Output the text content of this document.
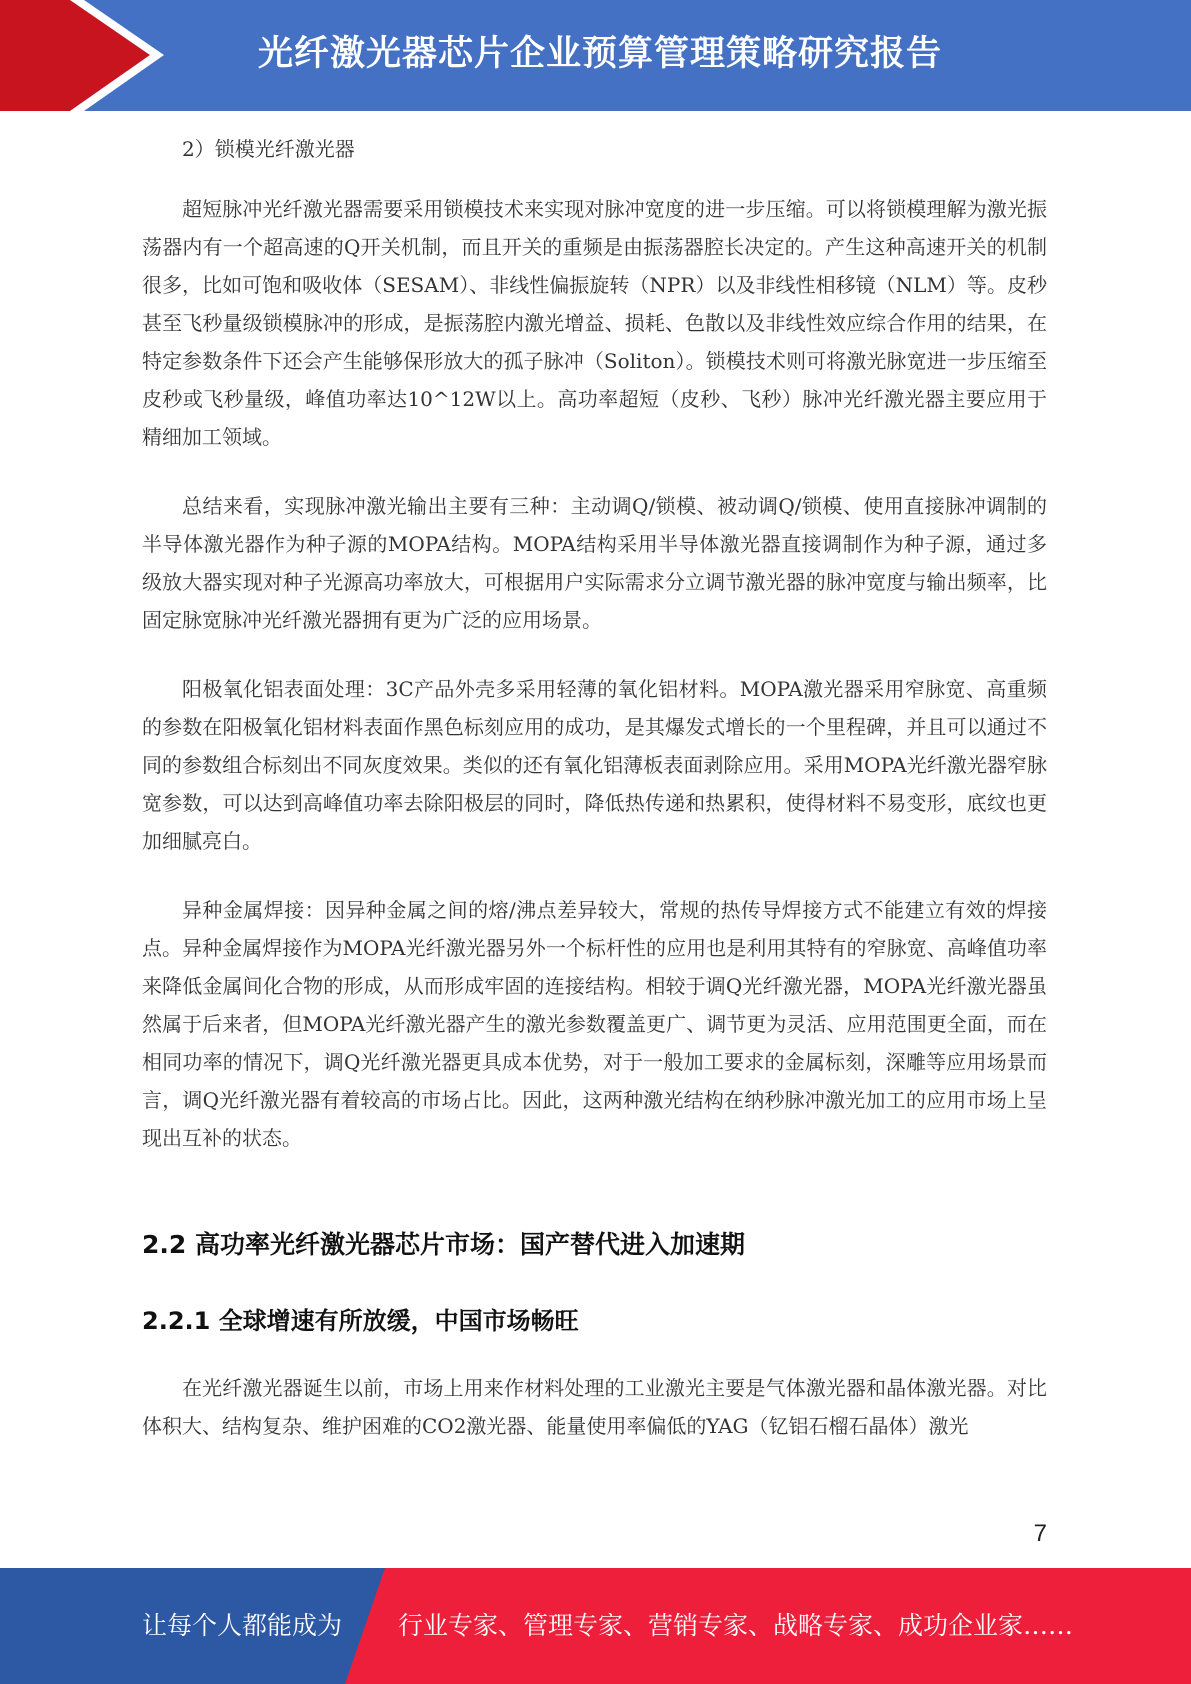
光纤激光器芯片企业预算管理策略研究报告

2）锁模光纤激光器

超短脉冲光纤激光器需要采用锁模技术来实现对脉冲宽度的进一步压缩。可以将锁模理解为激光振荡器内有一个超高速的Q开关机制，而且开关的重频是由振荡器腔长决定的。产生这种高速开关的机制很多，比如可饱和吸收体（SESAM）、非线性偏振旋转（NPR）以及非线性相移镜（NLM）等。皮秒甚至飞秒量级锁模脉冲的形成，是振荡腔内激光增益、损耗、色散以及非线性效应综合作用的结果，在特定参数条件下还会产生能够保形放大的孤子脉冲（Soliton）。锁模技术则可将激光脉宽进一步压缩至皮秒或飞秒量级，峰值功率达10^12W以上。高功率超短（皮秒、飞秒）脉冲光纤激光器主要应用于精细加工领域。

总结来看，实现脉冲激光输出主要有三种：主动调Q/锁模、被动调Q/锁模、使用直接脉冲调制的半导体激光器作为种子源的MOPA结构。MOPA结构采用半导体激光器直接调制作为种子源，通过多级放大器实现对种子光源高功率放大，可根据用户实际需求分立调节激光器的脉冲宽度与输出频率，比固定脉宽脉冲光纤激光器拥有更为广泛的应用场景。

阳极氧化铝表面处理：3C产品外壳多采用轻薄的氧化铝材料。MOPA激光器采用窄脉宽、高重频的参数在阳极氧化铝材料表面作黑色标刻应用的成功，是其爆发式增长的一个里程碑，并且可以通过不同的参数组合标刻出不同灰度效果。类似的还有氧化铝薄板表面剥除应用。采用MOPA光纤激光器窄脉宽参数，可以达到高峰值功率去除阳极层的同时，降低热传递和热累积，使得材料不易变形，底纹也更加细腻亮白。

异种金属焊接：因异种金属之间的熔/沸点差异较大，常规的热传导焊接方式不能建立有效的焊接点。异种金属焊接作为MOPA光纤激光器另外一个标杆性的应用也是利用其特有的窄脉宽、高峰值功率来降低金属间化合物的形成，从而形成牢固的连接结构。相较于调Q光纤激光器，MOPA光纤激光器虽然属于后来者，但MOPA光纤激光器产生的激光参数覆盖更广、调节更为灵活、应用范围更全面，而在相同功率的情况下，调Q光纤激光器更具成本优势，对于一般加工要求的金属标刻，深雕等应用场景而言，调Q光纤激光器有着较高的市场占比。因此，这两种激光结构在纳秒脉冲激光加工的应用市场上呈现出互补的状态。

2.2 高功率光纤激光器芯片市场：国产替代进入加速期
2.2.1 全球增速有所放缓，中国市场畅旺

在光纤激光器诞生以前，市场上用来作材料处理的工业激光主要是气体激光器和晶体激光器。对比体积大、结构复杂、维护困难的CO2激光器、能量使用率偏低的YAG（钇铝石榴石晶体）激光

7
让每个人都能成为 行业专家、管理专家、营销专家、战略专家、成功企业家……
